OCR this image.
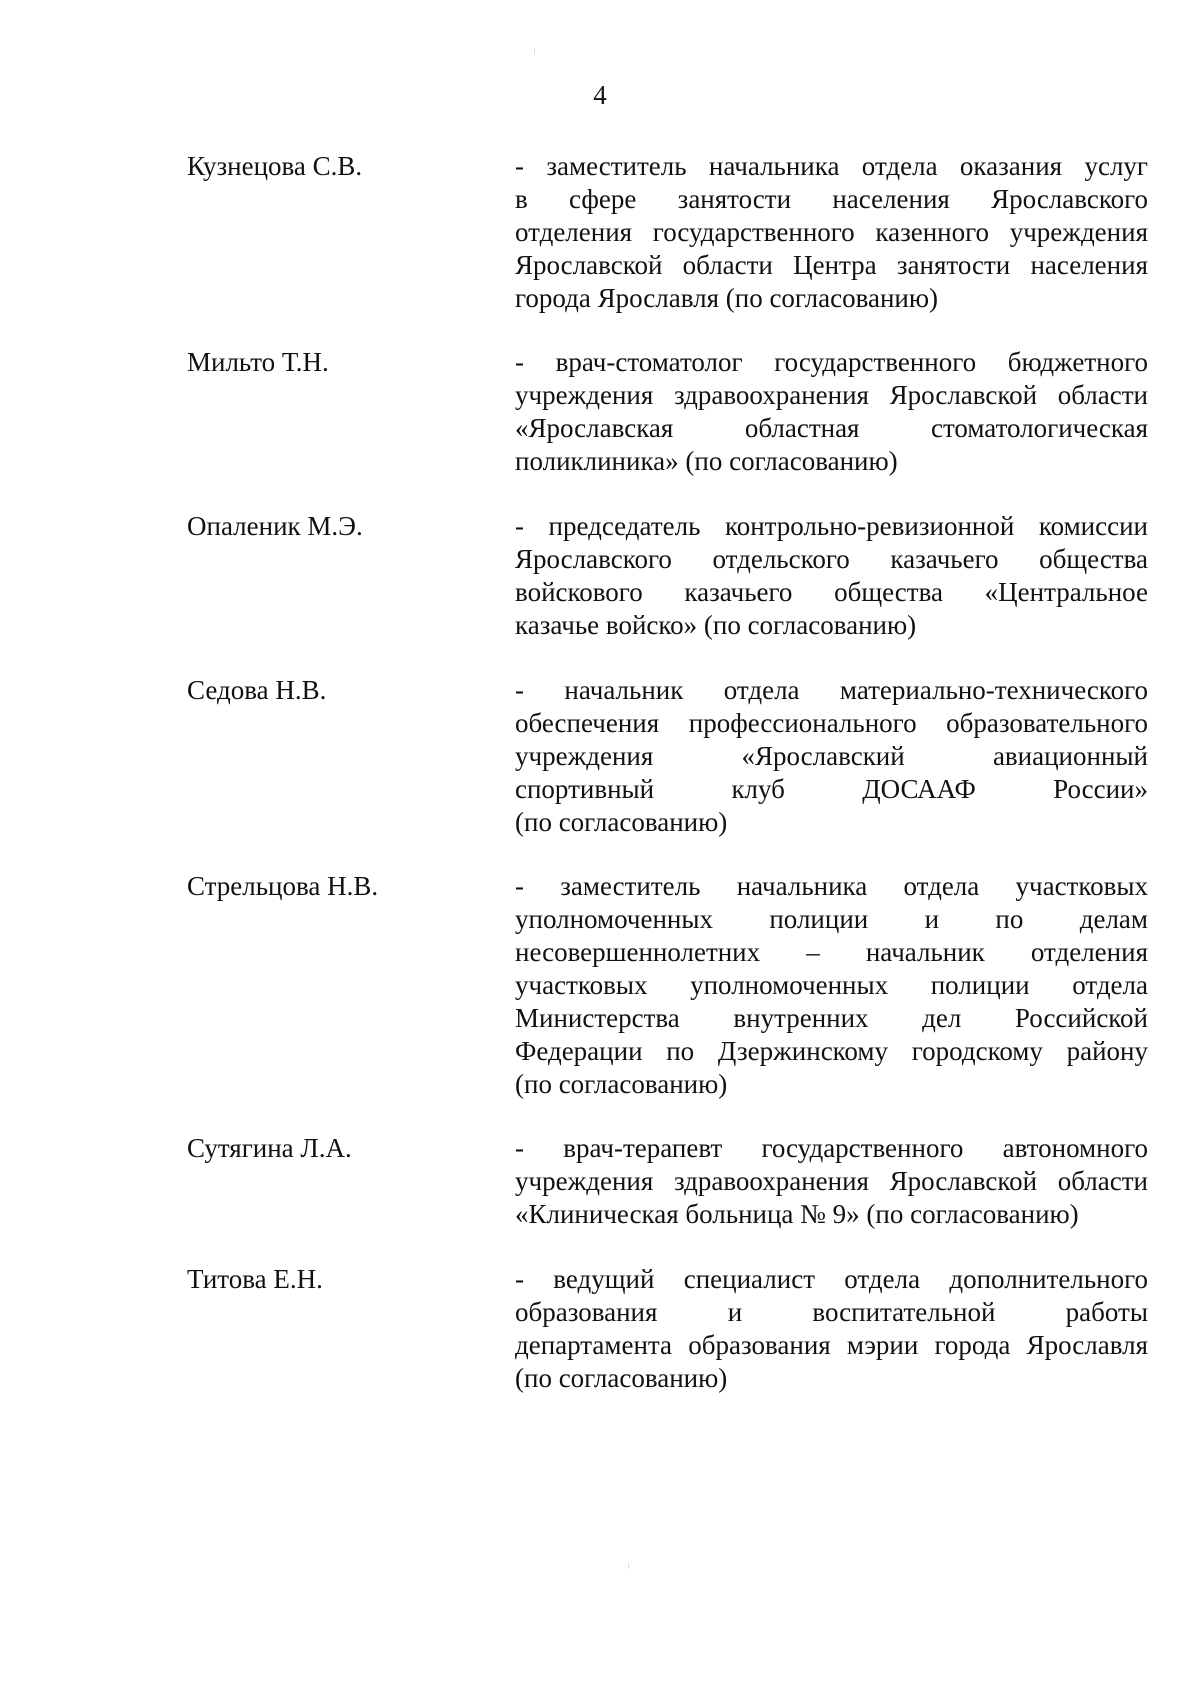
4
Кузнецова С.В.	- заместитель начальника отдела оказания услуг
в сфере занятости населения Ярославского
отделения государственного казенного учреждения
Ярославской области Центра занятости населения
города Ярославля (по согласованию)
Мильто Т.Н.	- врач-стоматолог государственного бюджетного
учреждения здравоохранения Ярославской области
«Ярославская областная стоматологическая
поликлиника» (по согласованию)
Опаленик М.Э.	- председатель контрольно-ревизионной комиссии
Ярославского отдельского казачьего общества
войскового казачьего общества «Центральное
казачье войско» (по согласованию)
Седова Н.В.	- начальник отдела материально-технического
обеспечения профессионального образовательного
учреждения «Ярославский авиационный
спортивный клуб ДОСААФ России»
(по согласованию)
Стрельцова Н.В.	- заместитель начальника отдела участковых
уполномоченных полиции и по делам
несовершеннолетних – начальник отделения
участковых уполномоченных полиции отдела
Министерства внутренних дел Российской
Федерации по Дзержинскому городскому району
(по согласованию)
Сутягина Л.А.	- врач-терапевт государственного автономного
учреждения здравоохранения Ярославской области
«Клиническая больница № 9» (по согласованию)
Титова Е.Н.	- ведущий специалист отдела дополнительного
образования и воспитательной работы
департамента образования мэрии города Ярославля
(по согласованию)
